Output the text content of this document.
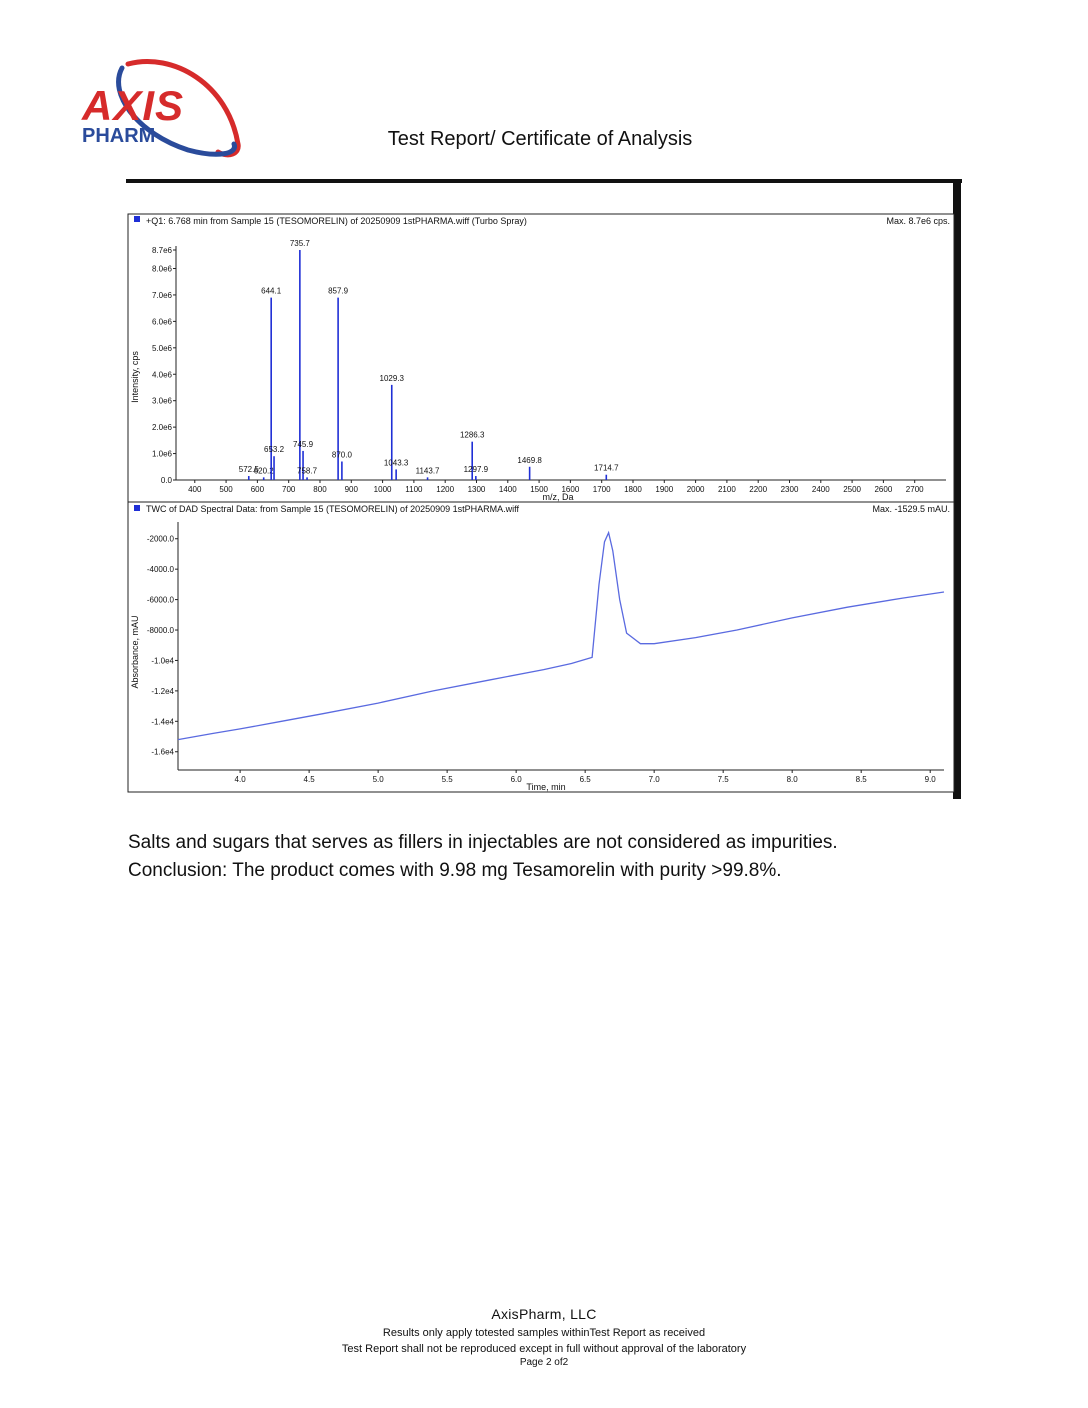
AXIS
PHARM	Test Report/ Certificate of Analysis
+Q1: 6.768 min from Sample 15 (TESOMORELIN) of 20250909 1stPHARMA.wiff (Turbo Spray)	Max. 8.7e6 cps.
Intensity, cps
m/z, Da
0.0
1.0e6
2.0e6
3.0e6
4.0e6
5.0e6
6.0e6
7.0e6
8.0e6
8.7e6
400 500 600 700 800 900 1000 1100 1200 1300 1400 1500 1600 1700 1800 1900 2000 2100 2200 2300 2400 2500 2600 2700
572.5
620.2
644.1
653.2
735.7
745.9
758.7
857.9
870.0
1029.3
1043.3
1143.7
1286.3
1297.9
1469.8
1714.7
TWC of DAD Spectral Data: from Sample 15 (TESOMORELIN) of 20250909 1stPHARMA.wiff	Max. -1529.5 mAU.
Absorbance, mAU
Time, min
-2000.0
-4000.0
-6000.0
-8000.0
-1.0e4
-1.2e4
-1.4e4
-1.6e4
4.0	4.5	5.0	5.5	6.0	6.5	7.0	7.5	8.0	8.5	9.0
Salts and sugars that serves as fillers in injectables are not considered as impurities.
Conclusion: The product comes with 9.98 mg Tesamorelin with purity >99.8%.
AxisPharm, LLC
Results only apply totested samples withinTest Report as received
Test Report shall not be reproduced except in full without approval of the laboratory
Page 2 of2
